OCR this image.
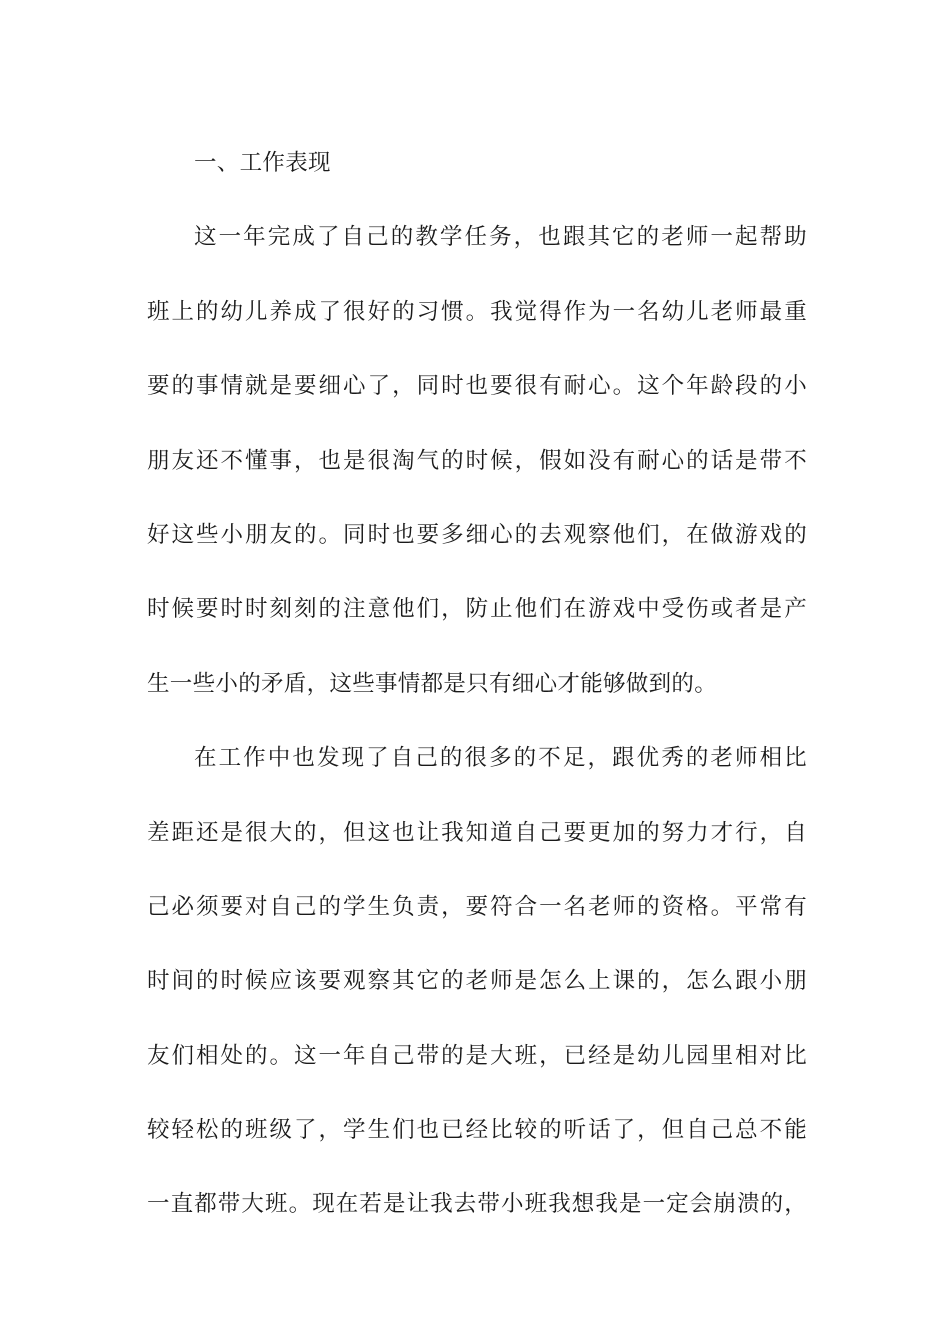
一、工作表现
这一年完成了自己的教学任务，也跟其它的老师一起帮助
班上的幼儿养成了很好的习惯。我觉得作为一名幼儿老师最重
要的事情就是要细心了，同时也要很有耐心。这个年龄段的小
朋友还不懂事，也是很淘气的时候，假如没有耐心的话是带不
好这些小朋友的。同时也要多细心的去观察他们，在做游戏的
时候要时时刻刻的注意他们，防止他们在游戏中受伤或者是产
生一些小的矛盾，这些事情都是只有细心才能够做到的。
在工作中也发现了自己的很多的不足，跟优秀的老师相比
差距还是很大的，但这也让我知道自己要更加的努力才行，自
己必须要对自己的学生负责，要符合一名老师的资格。平常有
时间的时候应该要观察其它的老师是怎么上课的，怎么跟小朋
友们相处的。这一年自己带的是大班，已经是幼儿园里相对比
较轻松的班级了，学生们也已经比较的听话了，但自己总不能
一直都带大班。现在若是让我去带小班我想我是一定会崩溃的，
